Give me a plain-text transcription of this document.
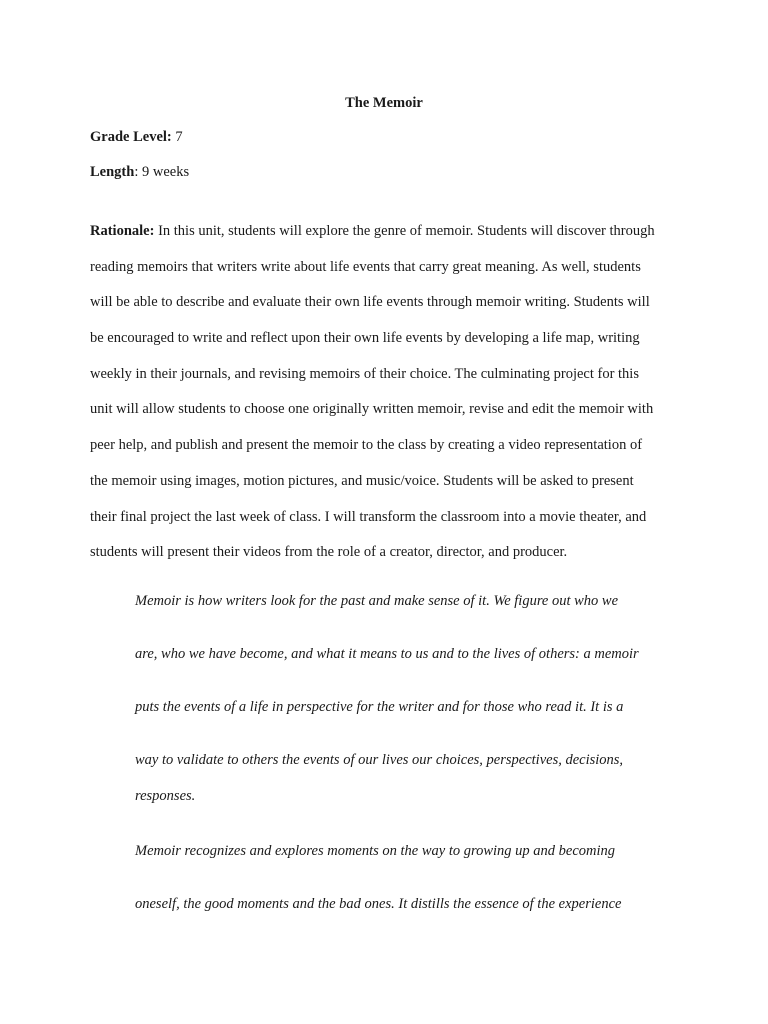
The Memoir
Grade Level: 7
Length: 9 weeks
Rationale: In this unit, students will explore the genre of memoir. Students will discover through
reading memoirs that writers write about life events that carry great meaning. As well, students
will be able to describe and evaluate their own life events through memoir writing. Students will
be encouraged to write and reflect upon their own life events by developing a life map, writing
weekly in their journals, and revising memoirs of their choice. The culminating project for this
unit will allow students to choose one originally written memoir, revise and edit the memoir with
peer help, and publish and present the memoir to the class by creating a video representation of
the memoir using images, motion pictures, and music/voice. Students will be asked to present
their final project the last week of class. I will transform the classroom into a movie theater, and
students will present their videos from the role of a creator, director, and producer.
Memoir is how writers look for the past and make sense of it. We figure out who we
are, who we have become, and what it means to us and to the lives of others: a memoir
puts the events of a life in perspective for the writer and for those who read it. It is a
way to validate to others the events of our lives our choices, perspectives, decisions,
responses.
Memoir recognizes and explores moments on the way to growing up and becoming
oneself, the good moments and the bad ones. It distills the essence of the experience
